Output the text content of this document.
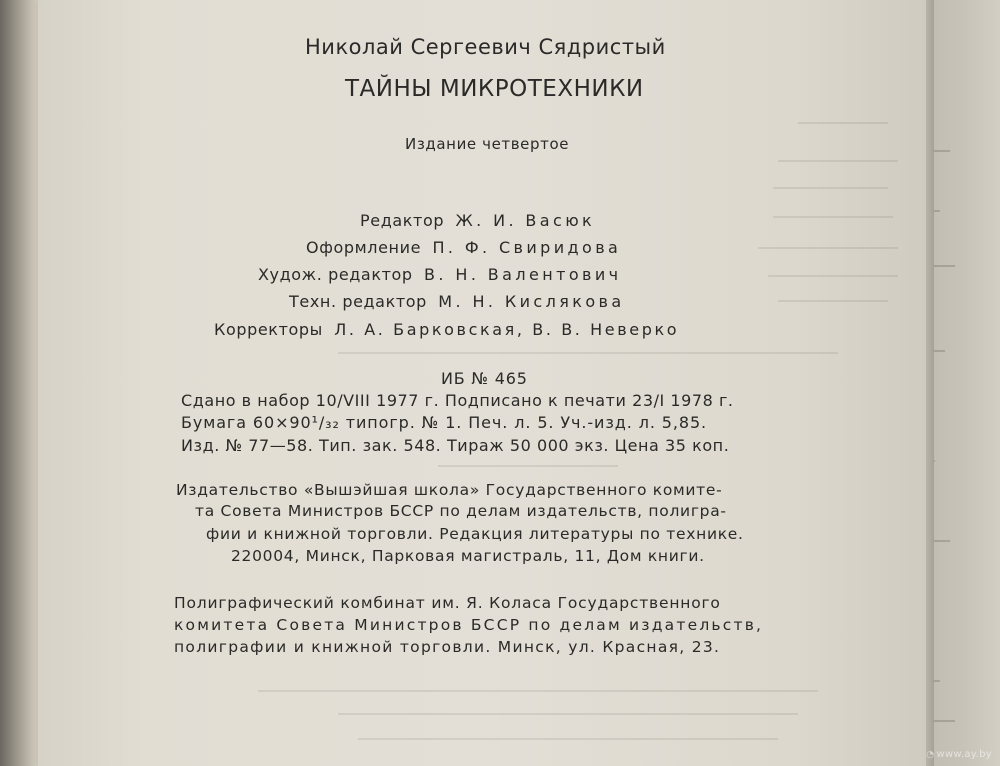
Николай Сергеевич Сядристый
ТАЙНЫ МИКРОТЕХНИКИ
Издание четвертое
Редактор Ж. И. Васюк
Оформление П. Ф. Свиридова
Худож. редактор В. Н. Валентович
Техн. редактор М. Н. Кислякова
Корректоры Л. А. Барковская, В. В. Неверко
ИБ № 465
Сдано в набор 10/VIII 1977 г. Подписано к печати 23/I 1978 г.
Бумага 60×90¹/₃₂ типогр. № 1. Печ. л. 5. Уч.-изд. л. 5,85.
Изд. № 77—58. Тип. зак. 548. Тираж 50 000 экз. Цена 35 коп.
Издательство «Вышэйшая школа» Государственного комите-
та Совета Министров БССР по делам издательств, полигра-
фии и книжной торговли. Редакция литературы по технике.
220004, Минск, Парковая магистраль, 11, Дом книги.
Полиграфический комбинат им. Я. Коласа Государственного
комитета Совета Министров БССР по делам издательств,
полиграфии и книжной торговли. Минск, ул. Красная, 23.
◔ www.ay.by
